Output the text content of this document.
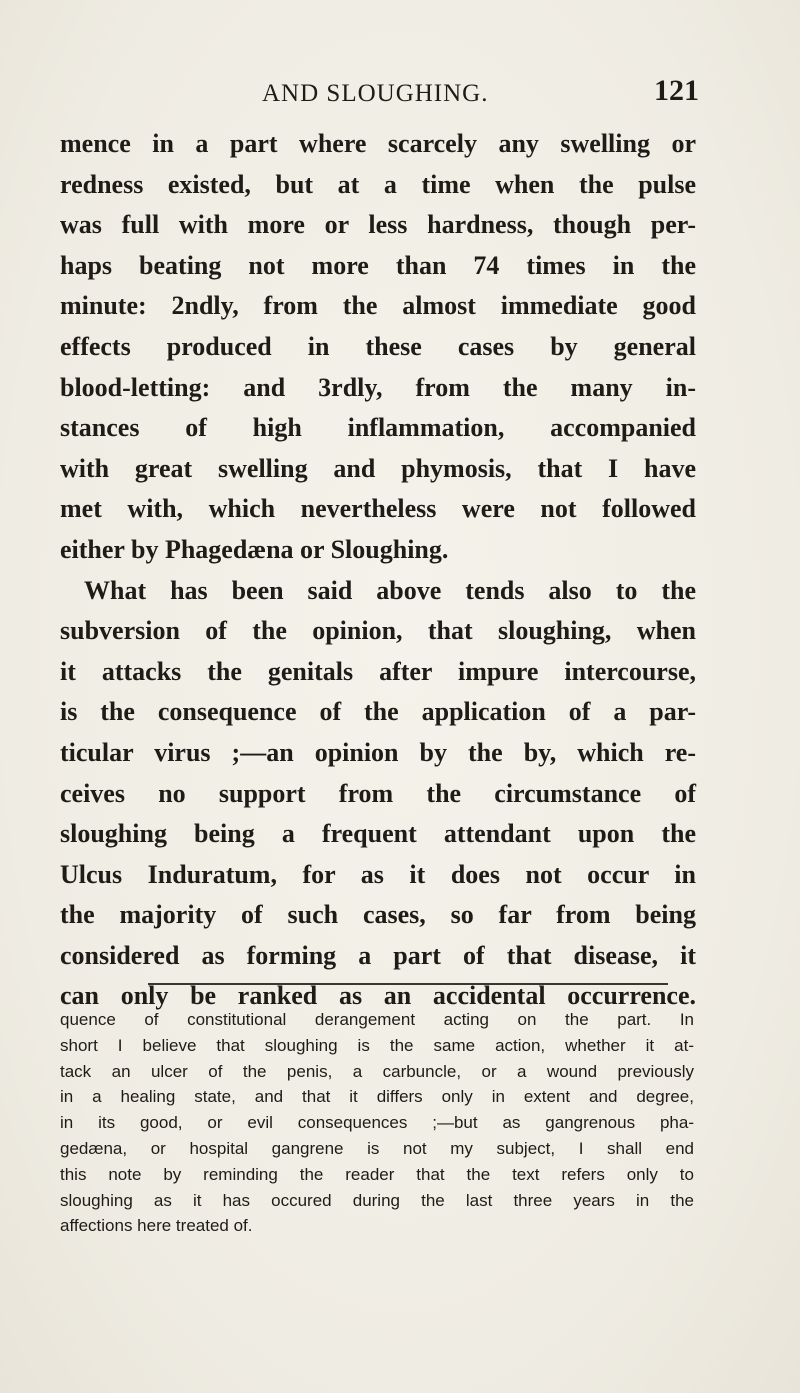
AND SLOUGHING.	121
mence in a part where scarcely any swelling or
redness existed, but at a time when the pulse
was full with more or less hardness, though per-
haps beating not more than 74 times in the
minute: 2ndly, from the almost immediate good
effects produced in these cases by general
blood-letting: and 3rdly, from the many in-
stances of high inflammation, accompanied
with great swelling and phymosis, that I have
met with, which nevertheless were not followed
either by Phagedæna or Sloughing.
What has been said above tends also to the
subversion of the opinion, that sloughing, when
it attacks the genitals after impure intercourse,
is the consequence of the application of a par-
ticular virus ;—an opinion by the by, which re-
ceives no support from the circumstance of
sloughing being a frequent attendant upon the
Ulcus Induratum, for as it does not occur in
the majority of such cases, so far from being
considered as forming a part of that disease, it
can only be ranked as an accidental occurrence.
quence of constitutional derangement acting on the part. In
short I believe that sloughing is the same action, whether it at-
tack an ulcer of the penis, a carbuncle, or a wound previously
in a healing state, and that it differs only in extent and degree,
in its good, or evil consequences ;—but as gangrenous pha-
gedæna, or hospital gangrene is not my subject, I shall end
this note by reminding the reader that the text refers only to
sloughing as it has occured during the last three years in the
affections here treated of.
